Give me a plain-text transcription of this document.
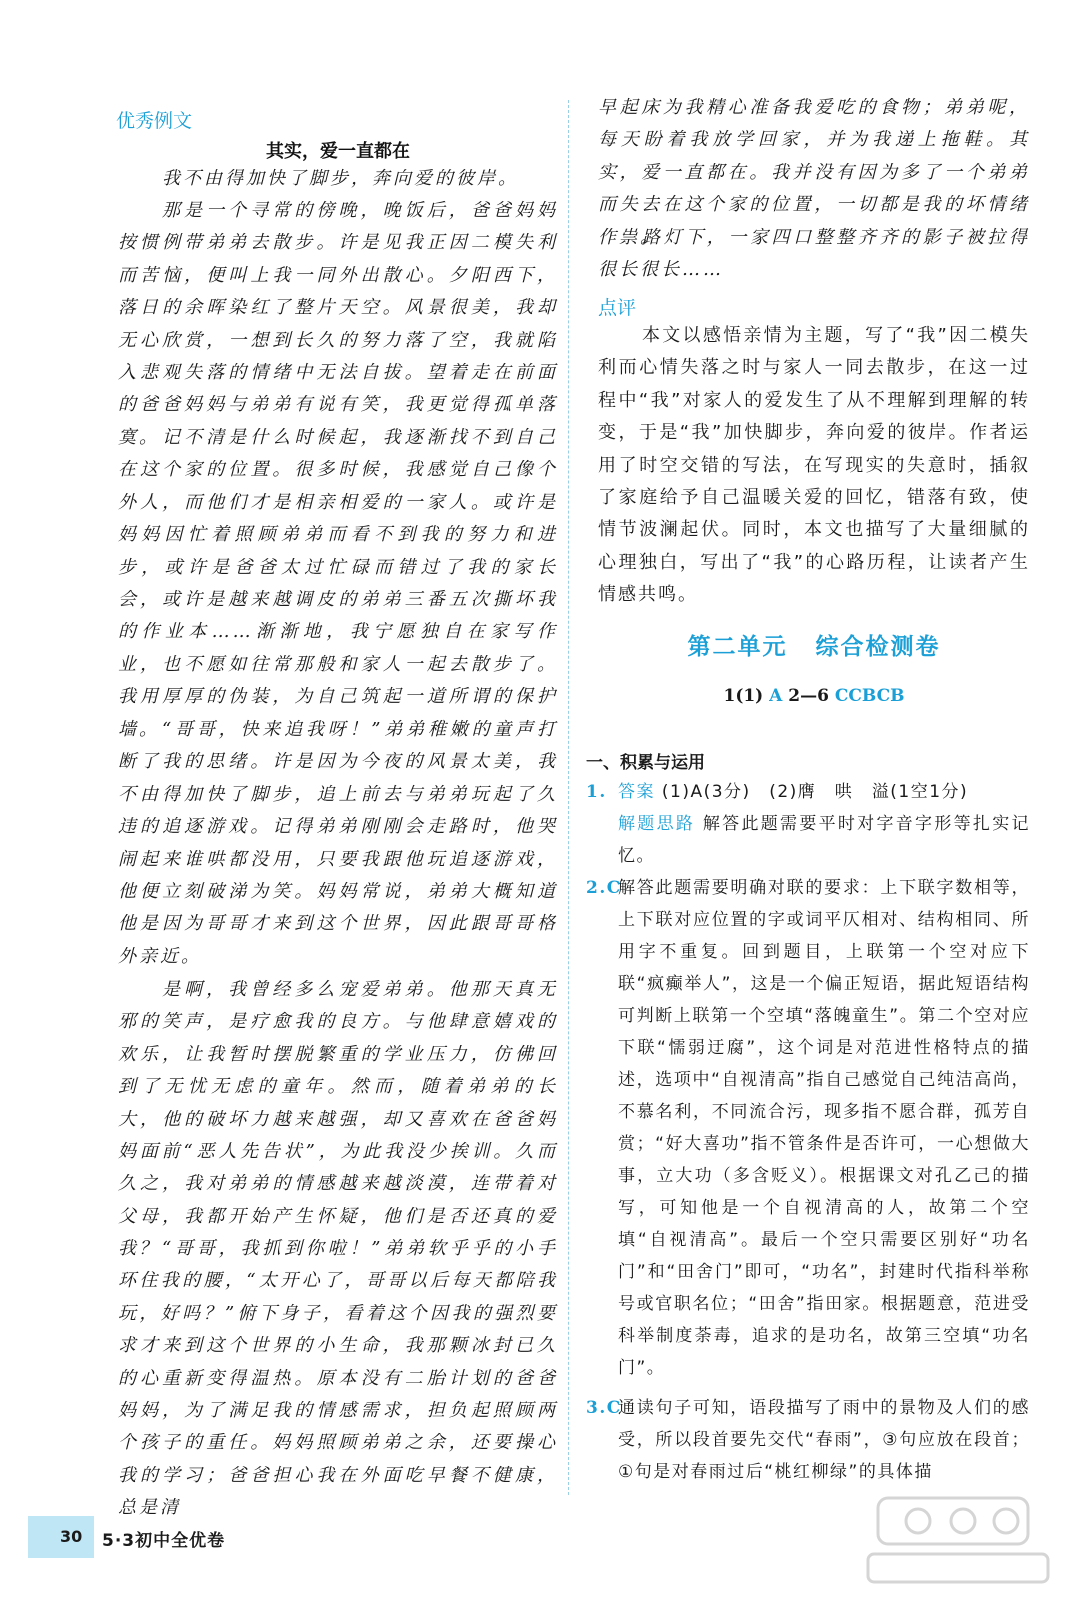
优秀例文
其实，爱一直都在
我不由得加快了脚步，奔向爱的彼岸。
那是一个寻常的傍晚，晚饭后，爸爸妈妈按惯例带弟弟去散步。许是见我正因二模失利而苦恼，便叫上我一同外出散心。夕阳西下，落日的余晖染红了整片天空。风景很美，我却无心欣赏，一想到长久的努力落了空，我就陷入悲观失落的情绪中无法自拔。望着走在前面的爸爸妈妈与弟弟有说有笑，我更觉得孤单落寞。 记不清是什么时候起，我逐渐找不到自己在这个家的位置。很多时候，我感觉自己像个外人，而他们才是相亲相爱的一家人。或许是妈妈因忙着照顾弟弟而看不到我的努力和进步，或许是爸爸太过忙碌而错过了我的家长会，或许是越来越调皮的弟弟三番五次撕坏我的作业本……渐渐地，我宁愿独自在家写作业，也不愿如往常那般和家人一起去散步了。我用厚厚的伪装，为自己筑起一道所谓的保护墙。 “哥哥，快来追我呀！”弟弟稚嫩的童声打断了我的思绪。许是因为今夜的风景太美，我不由得加快了脚步，追上前去与弟弟玩起了久违的追逐游戏。记得弟弟刚刚会走路时，他哭闹起来谁哄都没用，只要我跟他玩追逐游戏，他便立刻破涕为笑。妈妈常说，弟弟大概知道他是因为哥哥才来到这个世界，因此跟哥哥格外亲近。
是啊，我曾经多么宠爱弟弟。他那天真无邪的笑声，是疗愈我的良方。与他肆意嬉戏的欢乐，让我暂时摆脱繁重的学业压力，仿佛回到了无忧无虑的童年。然而，随着弟弟的长大，他的破坏力越来越强，却又喜欢在爸爸妈妈面前“恶人先告状”，为此我没少挨训。久而久之，我对弟弟的情感越来越淡漠，连带着对父母，我都开始产生怀疑，他们是否还真的爱我？ “哥哥，我抓到你啦！”弟弟软乎乎的小手环住我的腰，“太开心了，哥哥以后每天都陪我玩，好吗？”俯下身子，看着这个因我的强烈要求才来到这个世界的小生命，我那颗冰封已久的心重新变得温热。原本没有二胎计划的爸爸妈妈，为了满足我的情感需求，担负起照顾两个孩子的重任。妈妈照顾弟弟之余，还要操心我的学习；爸爸担心我在外面吃早餐不健康，总是清
早起床为我精心准备我爱吃的食物；弟弟呢，每天盼着我放学回家，并为我递上拖鞋。其实，爱一直都在。我并没有因为多了一个弟弟而失去在这个家的位置，一切都是我的坏情绪作祟。
路灯下，一家四口整整齐齐的影子被拉得很长很长……
点评
本文以感悟亲情为主题，写了“我”因二模失利而心情失落之时与家人一同去散步，在这一过程中“我”对家人的爱发生了从不理解到理解的转变，于是“我”加快脚步，奔向爱的彼岸。作者运用了时空交错的写法，在写现实的失意时，插叙了家庭给予自己温暖关爱的回忆，错落有致，使情节波澜起伏。同时，本文也描写了大量细腻的心理独白，写出了“我”的心路历程，让读者产生情感共鸣。
第二单元 综合检测卷
1(1) A 2—6 CCBCB
一、积累与运用
1. 答案 (1)A(3分)　(2)膺　哄　溢(1空1分)
解题思路 解答此题需要平时对字音字形等扎实记忆。
2.C
解答此题需要明确对联的要求：上下联字数相等，上下联对应位置的字或词平仄相对、结构相同、所用字不重复。回到题目，上联第一个空对应下联“疯癫举人”，这是一个偏正短语，据此短语结构可判断上联第一个空填“落魄童生”。第二个空对应下联“懦弱迂腐”，这个词是对范进性格特点的描述，选项中“自视清高”指自己感觉自己纯洁高尚，不慕名利，不同流合污，现多指不愿合群，孤芳自赏；“好大喜功”指不管条件是否许可，一心想做大事，立大功（多含贬义）。根据课文对孔乙己的描写，可知他是一个自视清高的人，故第二个空填“自视清高”。最后一个空只需要区别好“功名门”和“田舍门”即可，“功名”，封建时代指科举称号或官职名位；“田舍”指田家。根据题意，范进受科举制度荼毒，追求的是功名，故第三空填“功名门”。
3.C
通读句子可知，语段描写了雨中的景物及人们的感受，所以段首要先交代“春雨”，③句应放在段首；①句是对春雨过后“桃红柳绿”的具体描
30 5·3初中全优卷
